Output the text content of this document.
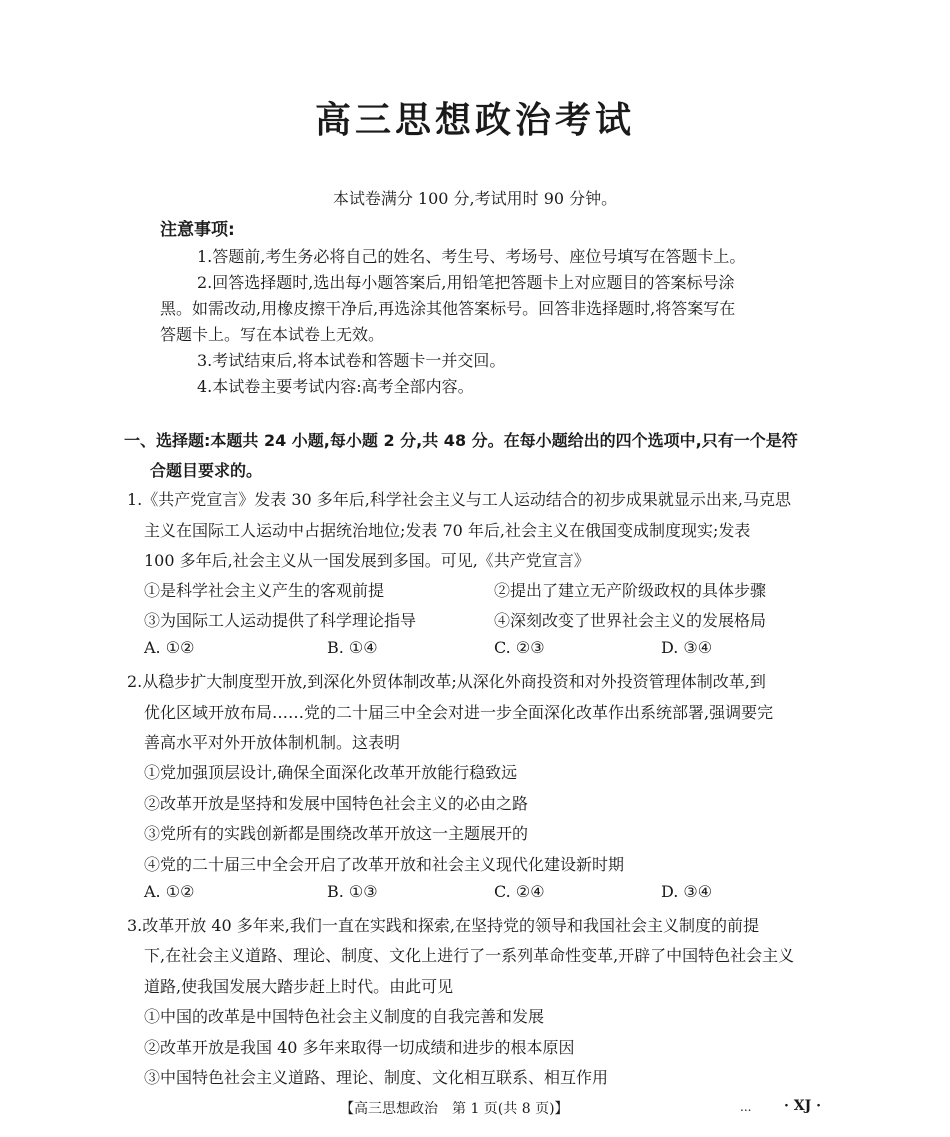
高三思想政治考试
本试卷满分 100 分,考试用时 90 分钟。
注意事项:
1.答题前,考生务必将自己的姓名、考生号、考场号、座位号填写在答题卡上。
2.回答选择题时,选出每小题答案后,用铅笔把答题卡上对应题目的答案标号涂
黑。如需改动,用橡皮擦干净后,再选涂其他答案标号。回答非选择题时,将答案写在
答题卡上。写在本试卷上无效。
3.考试结束后,将本试卷和答题卡一并交回。
4.本试卷主要考试内容:高考全部内容。
一、选择题:本题共 24 小题,每小题 2 分,共 48 分。在每小题给出的四个选项中,只有一个是符
合题目要求的。
1.《共产党宣言》发表 30 多年后,科学社会主义与工人运动结合的初步成果就显示出来,马克思
主义在国际工人运动中占据统治地位;发表 70 年后,社会主义在俄国变成制度现实;发表
100 多年后,社会主义从一国发展到多国。可见,《共产党宣言》
①是科学社会主义产生的客观前提	②提出了建立无产阶级政权的具体步骤
③为国际工人运动提供了科学理论指导	④深刻改变了世界社会主义的发展格局
A. ①②	B. ①④	C. ②③	D. ③④
2.从稳步扩大制度型开放,到深化外贸体制改革;从深化外商投资和对外投资管理体制改革,到
优化区域开放布局……党的二十届三中全会对进一步全面深化改革作出系统部署,强调要完
善高水平对外开放体制机制。这表明
①党加强顶层设计,确保全面深化改革开放能行稳致远
②改革开放是坚持和发展中国特色社会主义的必由之路
③党所有的实践创新都是围绕改革开放这一主题展开的
④党的二十届三中全会开启了改革开放和社会主义现代化建设新时期
A. ①②	B. ①③	C. ②④	D. ③④
3.改革开放 40 多年来,我们一直在实践和探索,在坚持党的领导和我国社会主义制度的前提
下,在社会主义道路、理论、制度、文化上进行了一系列革命性变革,开辟了中国特色社会主义
道路,使我国发展大踏步赶上时代。由此可见
①中国的改革是中国特色社会主义制度的自我完善和发展
②改革开放是我国 40 多年来取得一切成绩和进步的根本原因
③中国特色社会主义道路、理论、制度、文化相互联系、相互作用
【高三思想政治　第 1 页(共 8 页)】	... · XJ ·
